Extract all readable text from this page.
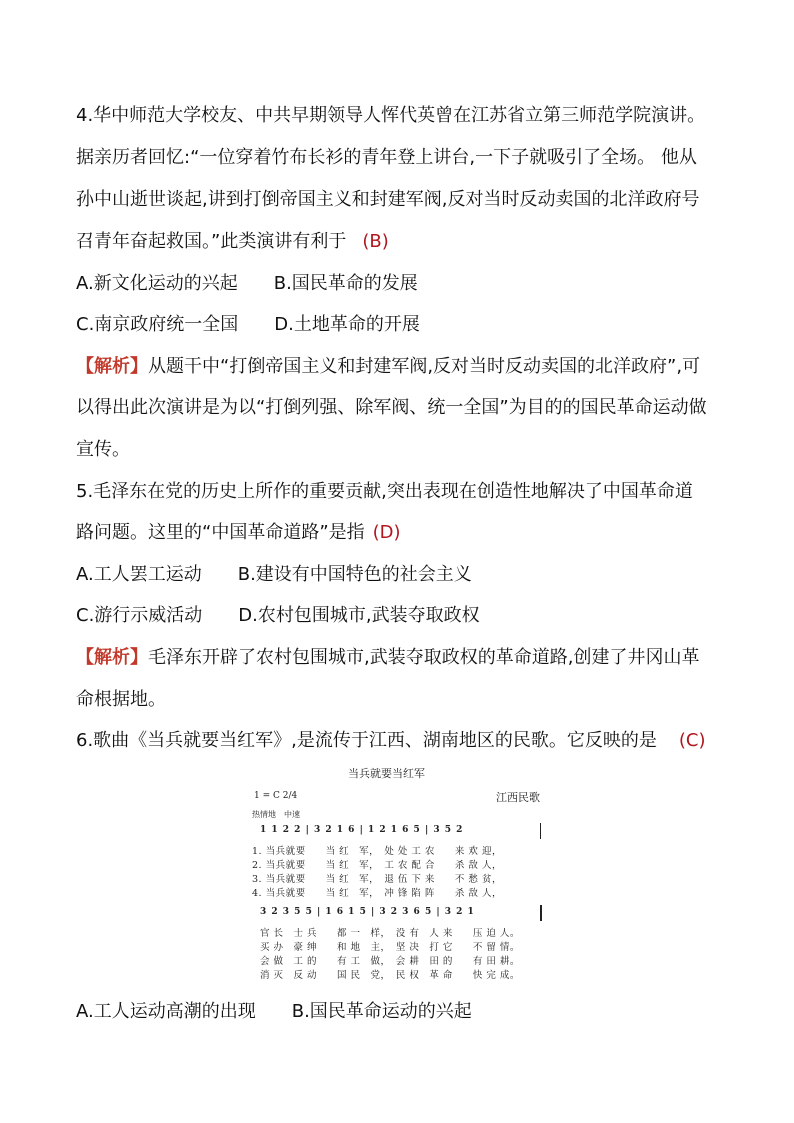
4.华中师范大学校友、中共早期领导人恽代英曾在江苏省立第三师范学院演讲。
据亲历者回忆:“一位穿着竹布长衫的青年登上讲台,一下子就吸引了全场。 他从
孙中山逝世谈起,讲到打倒帝国主义和封建军阀,反对当时反动卖国的北洋政府号
召青年奋起救国。”此类演讲有利于 (B)
A.新文化运动的兴起　　B.国民革命的发展
C.南京政府统一全国　　D.土地革命的开展
【解析】从题干中“打倒帝国主义和封建军阀,反对当时反动卖国的北洋政府”,可
以得出此次演讲是为以“打倒列强、除军阀、统一全国”为目的的国民革命运动做
宣传。
5.毛泽东在党的历史上所作的重要贡献,突出表现在创造性地解决了中国革命道
路问题。这里的“中国革命道路”是指 (D)
A.工人罢工运动　　B.建设有中国特色的社会主义
C.游行示威活动　　D.农村包围城市,武装夺取政权
【解析】毛泽东开辟了农村包围城市,武装夺取政权的革命道路,创建了井冈山革
命根据地。
6.歌曲《当兵就要当红军》,是流传于江西、湖南地区的民歌。它反映的是 (C)
当兵就要当红军
1 = C 2/4	江西民歌
热情地　中速
1 1 2 2 | 3 2 1 6 | 1 2 1 6 5 | 3 5 2
1. 当兵就要　　当 红　军，　处 处 工 农　　来 欢 迎，
2. 当兵就要　　当 红　军，　工 农 配 合　　杀 敌 人，
3. 当兵就要　　当 红　军，　退 伍 下 来　　不 愁 贫，
4. 当兵就要　　当 红　军，　冲 锋 陷 阵　　杀 敌 人，
3 2 3 5 5 | 1 6 1 5 | 3 2 3 6 5 | 3 2 1
官 长　士 兵　　都 一　样，　没 有　人 来　　压 迫 人。
买 办　豪 绅　　和 地　主，　坚 决　打 它　　不 留 情。
会 做　工 的　　有 工　做，　会 耕　田 的　　有 田 耕。
消 灭　反 动　　国 民　党，　民 权　革 命　　快 完 成。
A.工人运动高潮的出现　　B.国民革命运动的兴起
